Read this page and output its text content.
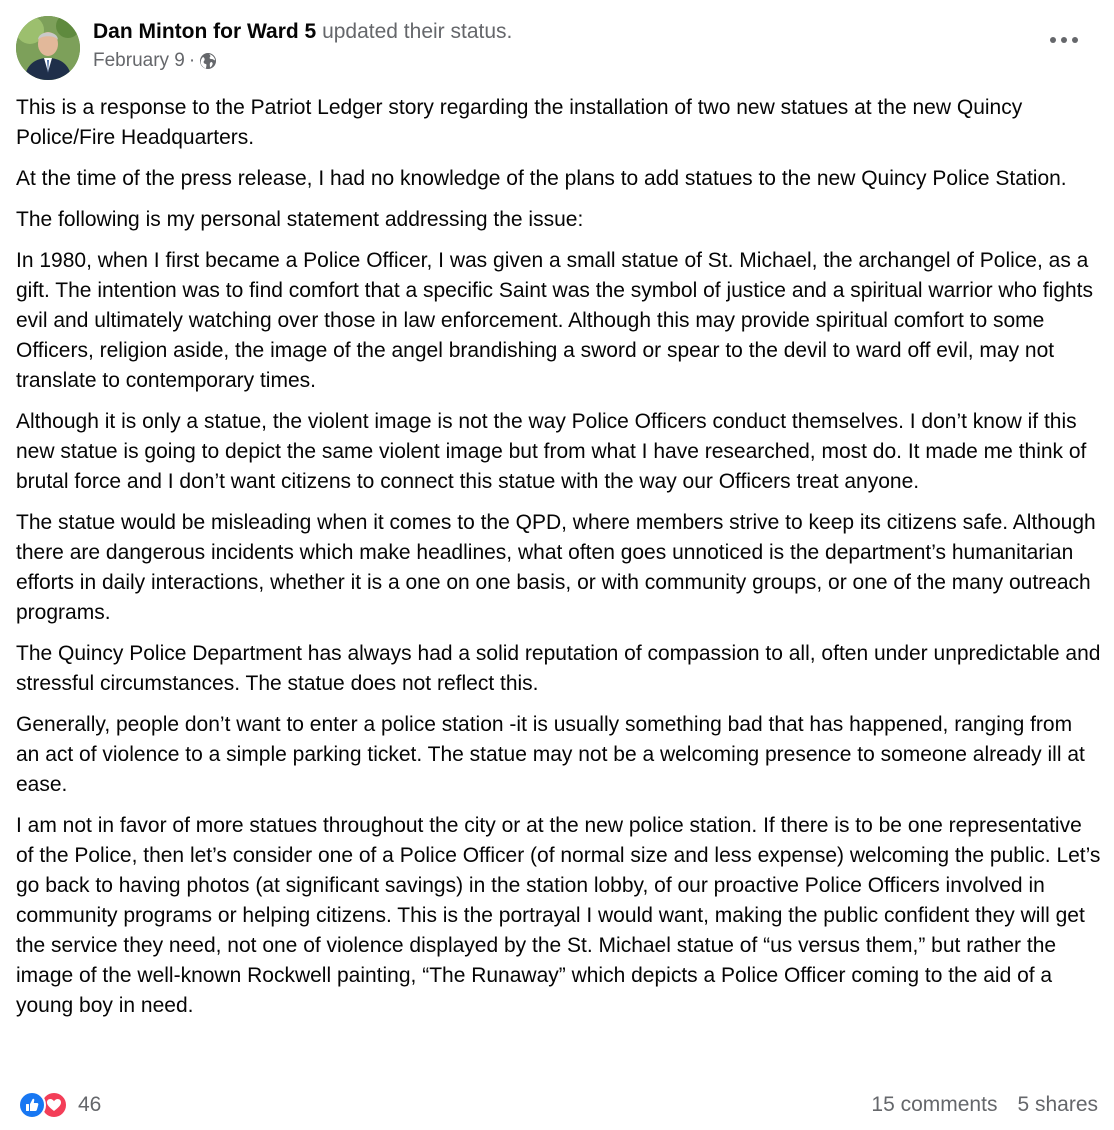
Dan Minton for Ward 5 updated their status.
February 9 ·

This is a response to the Patriot Ledger story regarding the installation of two new statues at the new Quincy Police/Fire Headquarters.

At the time of the press release, I had no knowledge of the plans to add statues to the new Quincy Police Station.

The following is my personal statement addressing the issue:

In 1980, when I first became a Police Officer, I was given a small statue of St. Michael, the archangel of Police, as a gift. The intention was to find comfort that a specific Saint was the symbol of justice and a spiritual warrior who fights evil and ultimately watching over those in law enforcement. Although this may provide spiritual comfort to some Officers, religion aside, the image of the angel brandishing a sword or spear to the devil to ward off evil, may not translate to contemporary times.

Although it is only a statue, the violent image is not the way Police Officers conduct themselves. I don’t know if this new statue is going to depict the same violent image but from what I have researched, most do. It made me think of brutal force and I don’t want citizens to connect this statue with the way our Officers treat anyone.

The statue would be misleading when it comes to the QPD, where members strive to keep its citizens safe. Although there are dangerous incidents which make headlines, what often goes unnoticed is the department’s humanitarian efforts in daily interactions, whether it is a one on one basis, or with community groups, or one of the many outreach programs.

The Quincy Police Department has always had a solid reputation of compassion to all, often under unpredictable and stressful circumstances. The statue does not reflect this.

Generally, people don’t want to enter a police station -it is usually something bad that has happened, ranging from an act of violence to a simple parking ticket. The statue may not be a welcoming presence to someone already ill at ease.

I am not in favor of more statues throughout the city or at the new police station. If there is to be one representative of the Police, then let’s consider one of a Police Officer (of normal size and less expense) welcoming the public. Let’s go back to having photos (at significant savings) in the station lobby, of our proactive Police Officers involved in community programs or helping citizens. This is the portrayal I would want, making the public confident they will get the service they need, not one of violence displayed by the St. Michael statue of “us versus them,” but rather the image of the well-known Rockwell painting, “The Runaway” which depicts a Police Officer coming to the aid of a young boy in need.

46	15 comments 5 shares
